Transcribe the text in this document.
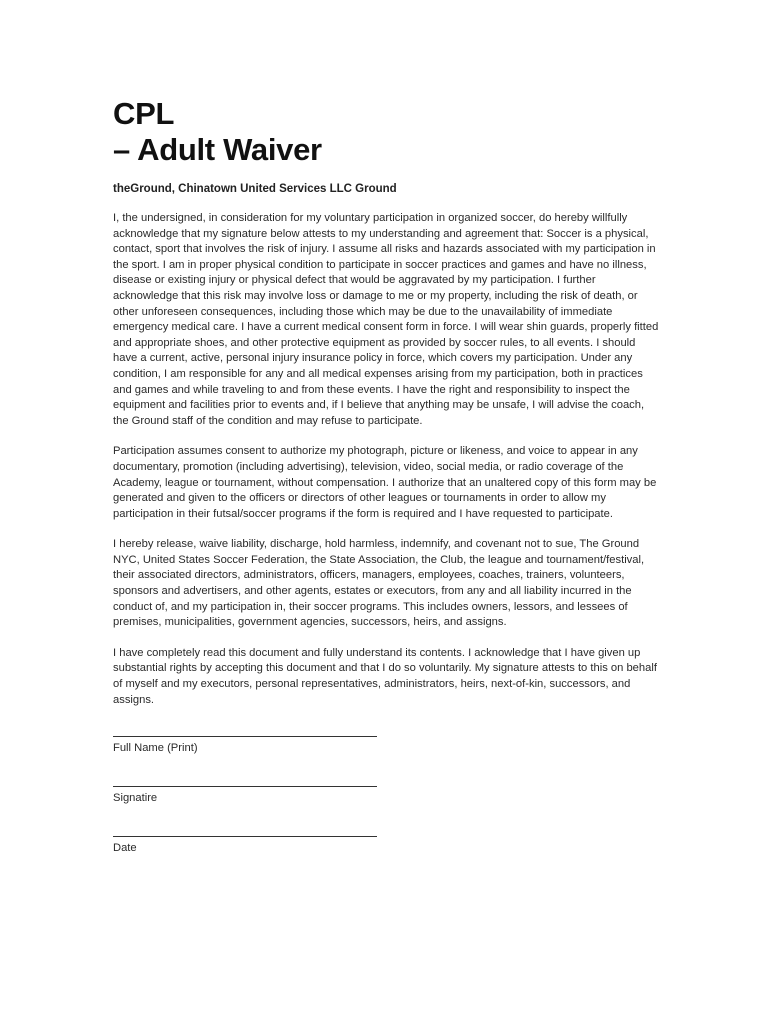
CPL
– Adult Waiver

theGround, Chinatown United Services LLC Ground

I, the undersigned, in consideration for my voluntary participation in organized soccer, do hereby willfully acknowledge that my signature below attests to my understanding and agreement that: Soccer is a physical, contact, sport that involves the risk of injury. I assume all risks and hazards associated with my participation in the sport. I am in proper physical condition to participate in soccer practices and games and have no illness, disease or existing injury or physical defect that would be aggravated by my participation. I further acknowledge that this risk may involve loss or damage to me or my property, including the risk of death, or other unforeseen consequences, including those which may be due to the unavailability of immediate emergency medical care. I have a current medical consent form in force. I will wear shin guards, properly fitted and appropriate shoes, and other protective equipment as provided by soccer rules, to all events. I should have a current, active, personal injury insurance policy in force, which covers my participation. Under any condition, I am responsible for any and all medical expenses arising from my participation, both in practices and games and while traveling to and from these events. I have the right and responsibility to inspect the equipment and facilities prior to events and, if I believe that anything may be unsafe, I will advise the coach, the Ground staff of the condition and may refuse to participate.

Participation assumes consent to authorize my photograph, picture or likeness, and voice to appear in any documentary, promotion (including advertising), television, video, social media, or radio coverage of the Academy, league or tournament, without compensation. I authorize that an unaltered copy of this form may be generated and given to the officers or directors of other leagues or tournaments in order to allow my participation in their futsal/soccer programs if the form is required and I have requested to participate.

I hereby release, waive liability, discharge, hold harmless, indemnify, and covenant not to sue, The Ground NYC, United States Soccer Federation, the State Association, the Club, the league and tournament/festival, their associated directors, administrators, officers, managers, employees, coaches, trainers, volunteers, sponsors and advertisers, and other agents, estates or executors, from any and all liability incurred in the conduct of, and my participation in, their soccer programs. This includes owners, lessors, and lessees of premises, municipalities, government agencies, successors, heirs, and assigns.

I have completely read this document and fully understand its contents. I acknowledge that I have given up substantial rights by accepting this document and that I do so voluntarily. My signature attests to this on behalf of myself and my executors, personal representatives, administrators, heirs, next-of-kin, successors, and assigns.

Full Name (Print)

Signatire

Date
